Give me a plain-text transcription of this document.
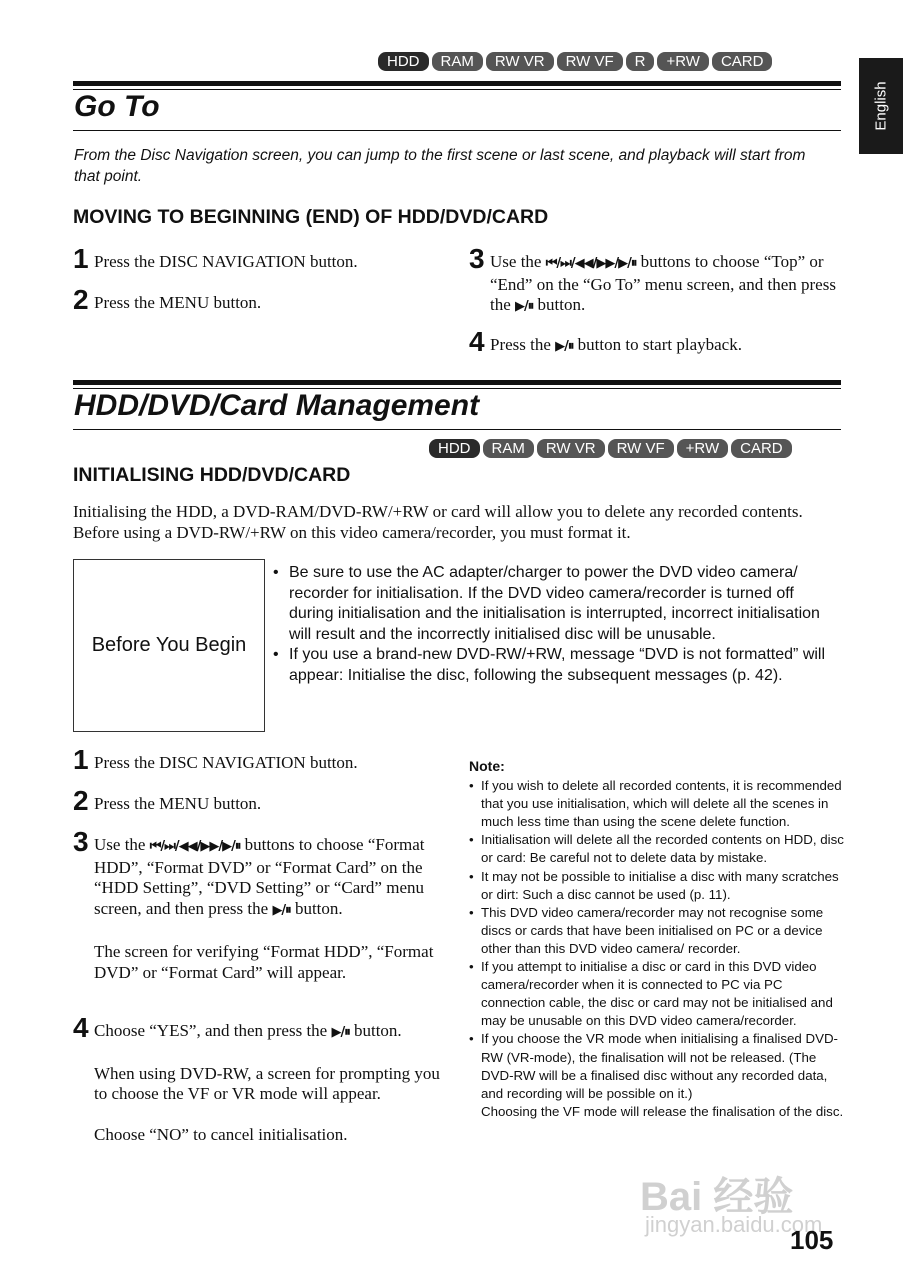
HDD	RAM	RW VR	RW VF	R	+RW	CARD
English
Go To
From the Disc Navigation screen, you can jump to the first scene or last scene, and playback will start from that point.
MOVING TO BEGINNING (END) OF HDD/DVD/CARD
1 Press the DISC NAVIGATION button.

2 Press the MENU button.

3 Use the ⏮/⏭/◀◀/▶▶/▶/⏸ buttons to choose “Top” or “End” on the “Go To” menu screen, and then press the ▶/⏸ button.

4 Press the ▶/⏸ button to start playback.

HDD/DVD/Card Management
HDD	RAM	RW VR	RW VF	+RW	CARD
INITIALISING HDD/DVD/CARD
Initialising the HDD, a DVD-RAM/DVD-RW/+RW or card will allow you to delete any recorded contents. Before using a DVD-RW/+RW on this video camera/recorder, you must format it.
Before You Begin
• Be sure to use the AC adapter/charger to power the DVD video camera/ recorder for initialisation. If the DVD video camera/recorder is turned off during initialisation and the initialisation is interrupted, incorrect initialisation will result and the incorrectly initialised disc will be unusable.
• If you use a brand-new DVD-RW/+RW, message “DVD is not formatted” will appear: Initialise the disc, following the subsequent messages (p. 42).
1 Press the DISC NAVIGATION button.

2 Press the MENU button.

3 Use the ⏮/⏭/◀◀/▶▶/▶/⏸ buttons to choose “Format HDD”, “Format DVD” or “Format Card” on the “HDD Setting”, “DVD Setting” or “Card” menu screen, and then press the ▶/⏸ button.

The screen for verifying “Format HDD”, “Format DVD” or “Format Card” will appear.

4 Choose “YES”, and then press the ▶/⏸ button.

When using DVD-RW, a screen for prompting you to choose the VF or VR mode will appear.

Choose “NO” to cancel initialisation.

Note:
• If you wish to delete all recorded contents, it is recommended that you use initialisation, which will delete all the scenes in much less time than using the scene delete function.
• Initialisation will delete all the recorded contents on HDD, disc or card: Be careful not to delete data by mistake.
• It may not be possible to initialise a disc with many scratches or dirt: Such a disc cannot be used (p. 11).
• This DVD video camera/recorder may not recognise some discs or cards that have been initialised on PC or a device other than this DVD video camera/ recorder.
• If you attempt to initialise a disc or card in this DVD video camera/recorder when it is connected to PC via PC connection cable, the disc or card may not be initialised and may be unusable on this DVD video camera/recorder.
• If you choose the VR mode when initialising a finalised DVD-RW (VR-mode), the finalisation will not be released. (The DVD-RW will be a finalised disc without any recorded data, and recording will be possible on it.)
Choosing the VF mode will release the finalisation of the disc.
Bai 经验
jingyan.baidu.com
105
